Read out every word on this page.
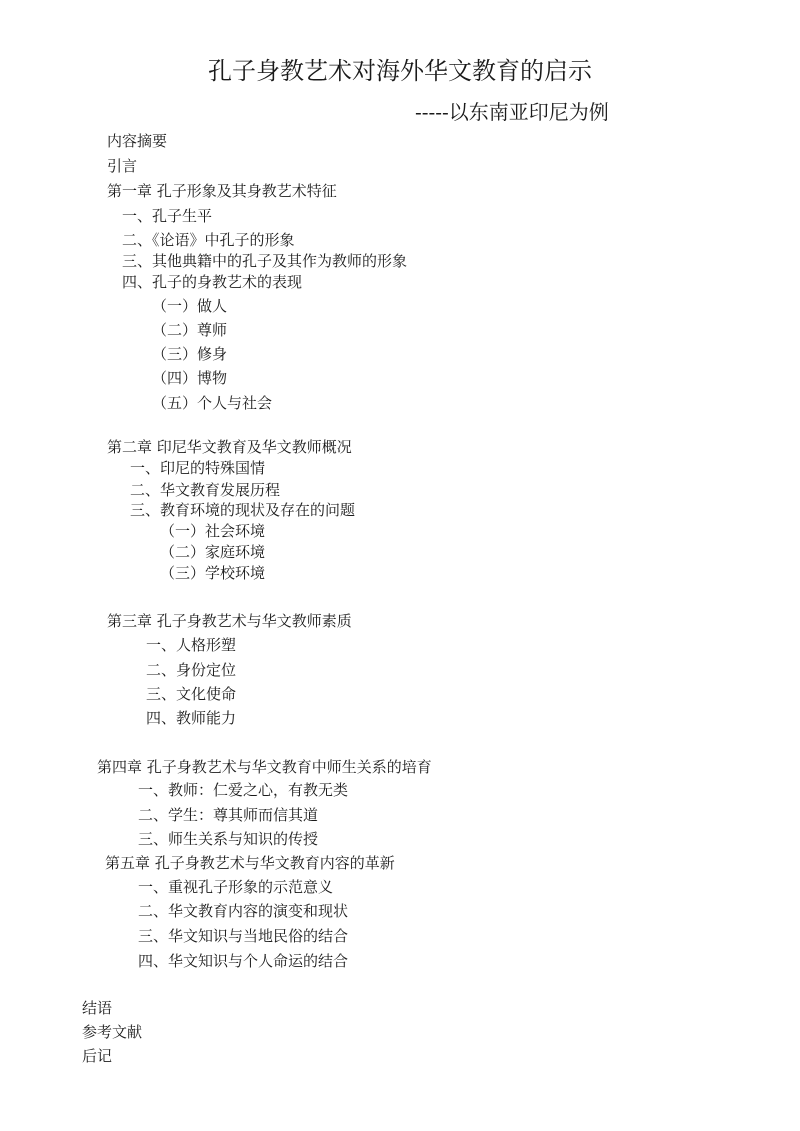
孔子身教艺术对海外华文教育的启示
-----以东南亚印尼为例
内容摘要
引言
第一章 孔子形象及其身教艺术特征
一、孔子生平
二、《论语》中孔子的形象
三、其他典籍中的孔子及其作为教师的形象
四、孔子的身教艺术的表现
（一）做人
（二）尊师
（三）修身
（四）博物
（五）个人与社会
第二章 印尼华文教育及华文教师概况
一、印尼的特殊国情
二、华文教育发展历程
三、教育环境的现状及存在的问题
（一）社会环境
（二）家庭环境
（三）学校环境
第三章 孔子身教艺术与华文教师素质
一、人格形塑
二、身份定位
三、文化使命
四、教师能力
第四章 孔子身教艺术与华文教育中师生关系的培育
一、教师：仁爱之心，有教无类
二、学生：尊其师而信其道
三、师生关系与知识的传授
第五章 孔子身教艺术与华文教育内容的革新
一、重视孔子形象的示范意义
二、华文教育内容的演变和现状
三、华文知识与当地民俗的结合
四、华文知识与个人命运的结合
结语
参考文献
后记
